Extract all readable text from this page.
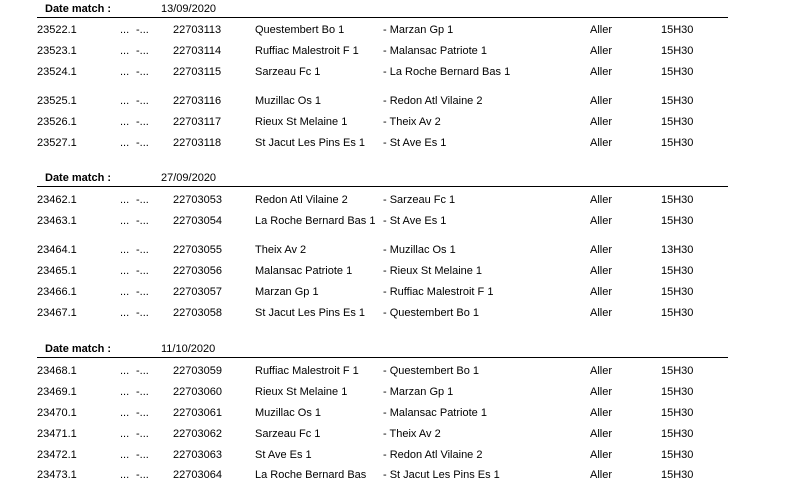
Date match :	13/09/2020
23522.1	... -... 22703113	Questembert Bo 1	- Marzan Gp 1	Aller	15H30
23523.1	... -... 22703114	Ruffiac Malestroit F 1 - Malansac Patriote 1	Aller	15H30
23524.1	... -... 22703115	Sarzeau Fc 1	- La Roche Bernard Bas 1	Aller	15H30
23525.1	... -... 22703116	Muzillac Os 1	- Redon Atl Vilaine 2	Aller	15H30
23526.1	... -... 22703117	Rieux St Melaine 1	- Theix Av 2	Aller	15H30
23527.1	... -... 22703118	St Jacut Les Pins Es 1 - St Ave Es 1	Aller	15H30
Date match :	27/09/2020
23462.1	... -... 22703053	Redon Atl Vilaine 2	- Sarzeau Fc 1	Aller	15H30
23463.1	... -... 22703054	La Roche Bernard Bas 1 - St Ave Es 1	Aller	15H30
23464.1	... -... 22703055	Theix Av 2	- Muzillac Os 1	Aller	13H30
23465.1	... -... 22703056	Malansac Patriote 1	- Rieux St Melaine 1	Aller	15H30
23466.1	... -... 22703057	Marzan Gp 1	- Ruffiac Malestroit F 1	Aller	15H30
23467.1	... -... 22703058	St Jacut Les Pins Es 1 - Questembert Bo 1	Aller	15H30
Date match :	11/10/2020
23468.1	... -... 22703059	Ruffiac Malestroit F 1 - Questembert Bo 1	Aller	15H30
23469.1	... -... 22703060	Rieux St Melaine 1	- Marzan Gp 1	Aller	15H30
23470.1	... -... 22703061	Muzillac Os 1	- Malansac Patriote 1	Aller	15H30
23471.1	... -... 22703062	Sarzeau Fc 1	- Theix Av 2	Aller	15H30
23472.1	... -... 22703063	St Ave Es 1	- Redon Atl Vilaine 2	Aller	15H30
23473.1	... -... 22703064	La Roche Bernard Bas - St Jacut Les Pins Es 1	Aller	15H30
